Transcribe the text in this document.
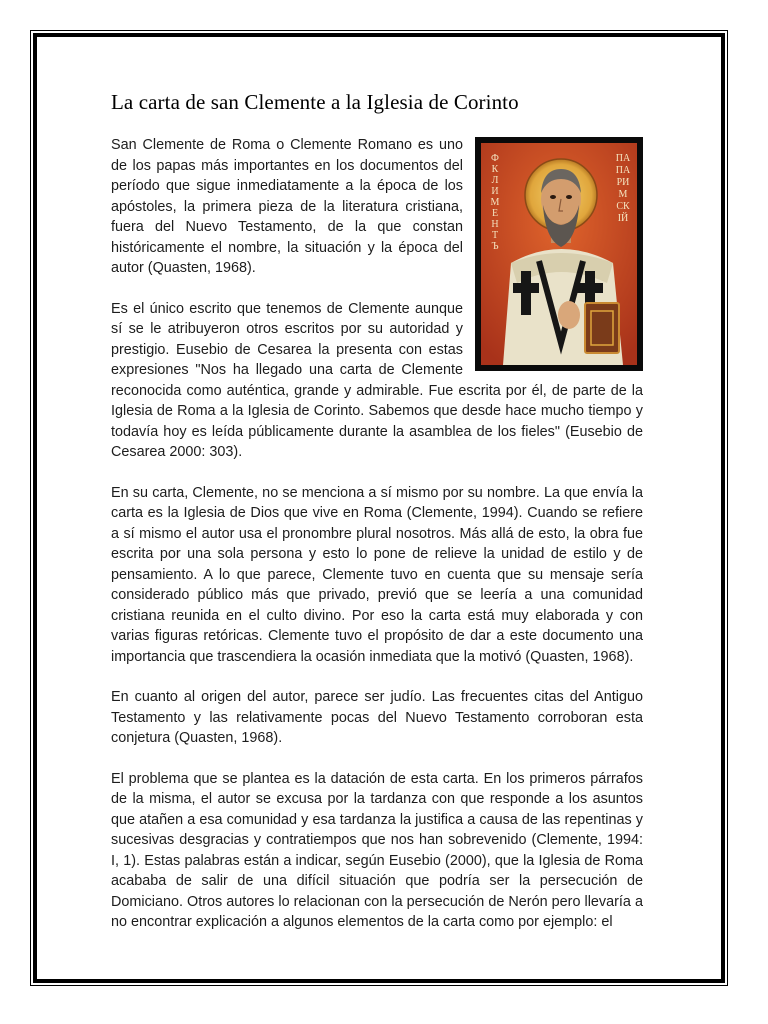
La carta de san Clemente a la Iglesia de Corinto
Ф
К
Л
И
М
Е
Н
Т
Ъ
ПА
ПА
РИ
М
СК
ІЙ

San Clemente de Roma o Clemente Romano es uno de los papas más importantes en los documentos del período que sigue inmediatamente a la época de los apóstoles, la primera pieza de la literatura cristiana, fuera del Nuevo Testamento, de la que constan históricamente el nombre, la situación y la época del autor (Quasten, 1968).

Es el único escrito que tenemos de Clemente aunque sí se le atribuyeron otros escritos por su autoridad y prestigio. Eusebio de Cesarea la presenta con estas expresiones "Nos ha llegado una carta de Clemente reconocida como auténtica, grande y admirable. Fue escrita por él, de parte de la Iglesia de Roma a la Iglesia de Corinto. Sabemos que desde hace mucho tiempo y todavía hoy es leída públicamente durante la asamblea de los fieles" (Eusebio de Cesarea 2000: 303).

En su carta, Clemente, no se menciona a sí mismo por su nombre. La que envía la carta es la Iglesia de Dios que vive en Roma (Clemente, 1994). Cuando se refiere a sí mismo el autor usa el pronombre plural nosotros. Más allá de esto, la obra fue escrita por una sola persona y esto lo pone de relieve la unidad de estilo y de pensamiento. A lo que parece, Clemente tuvo en cuenta que su mensaje sería considerado público más que privado, previó que se leería a una comunidad cristiana reunida en el culto divino. Por eso la carta está muy elaborada y con varias figuras retóricas. Clemente tuvo el propósito de dar a este documento una importancia que trascendiera la ocasión inmediata que la motivó (Quasten, 1968).

En cuanto al origen del autor, parece ser judío. Las frecuentes citas del Antiguo Testamento y las relativamente pocas del Nuevo Testamento corroboran esta conjetura (Quasten, 1968).

El problema que se plantea es la datación de esta carta. En los primeros párrafos de la misma, el autor se excusa por la tardanza con que responde a los asuntos que atañen a esa comunidad y esa tardanza la justifica a causa de las repentinas y sucesivas desgracias y contratiempos que nos han sobrevenido (Clemente, 1994: I, 1). Estas palabras están a indicar, según Eusebio (2000), que la Iglesia de Roma acababa de salir de una difícil situación que podría ser la persecución de Domiciano. Otros autores lo relacionan con la persecución de Nerón pero llevaría a no encontrar explicación a algunos elementos de la carta como por ejemplo: el
